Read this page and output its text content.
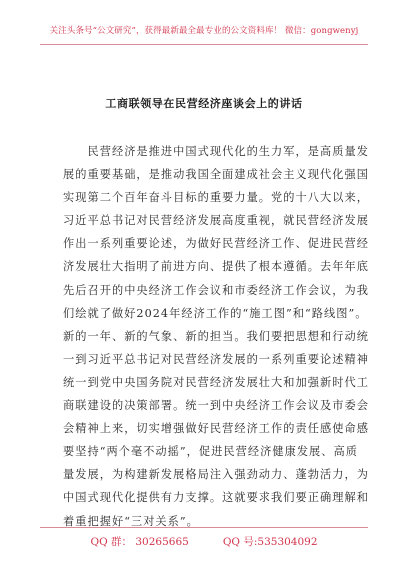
关注头条号“公文研究”，获得最新最全最专业的公文资料库！ 微信：gongwenyj
工商联领导在民营经济座谈会上的讲话
　　民营经济是推进中国式现代化的生力军，是高质量发
展的重要基础，是推动我国全面建成社会主义现代化强国
实现第二个百年奋斗目标的重要力量。党的十八大以来，
习近平总书记对民营经济发展高度重视，就民营经济发展
作出一系列重要论述，为做好民营经济工作、促进民营经
济发展壮大指明了前进方向、提供了根本遵循。去年年底
先后召开的中央经济工作会议和市委经济工作会议，为我
们绘就了做好2024年经济工作的“施工图”和“路线图”。
新的一年、新的气象、新的担当。我们要把思想和行动统
一到习近平总书记对民营经济发展的一系列重要论述精神
统一到党中央国务院对民营经济发展壮大和加强新时代工
商联建设的决策部署。统一到中央经济工作会议及市委会
会精神上来，切实增强做好民营经济工作的责任感使命感
要坚持“两个毫不动摇”，促进民营经济健康发展、高质
量发展，为构建新发展格局注入强劲动力、蓬勃活力，为
中国式现代化提供有力支撑。这就要求我们要正确理解和
着重把握好“三对关系”。
QQ 群： 30265665	QQ 号:535304092
